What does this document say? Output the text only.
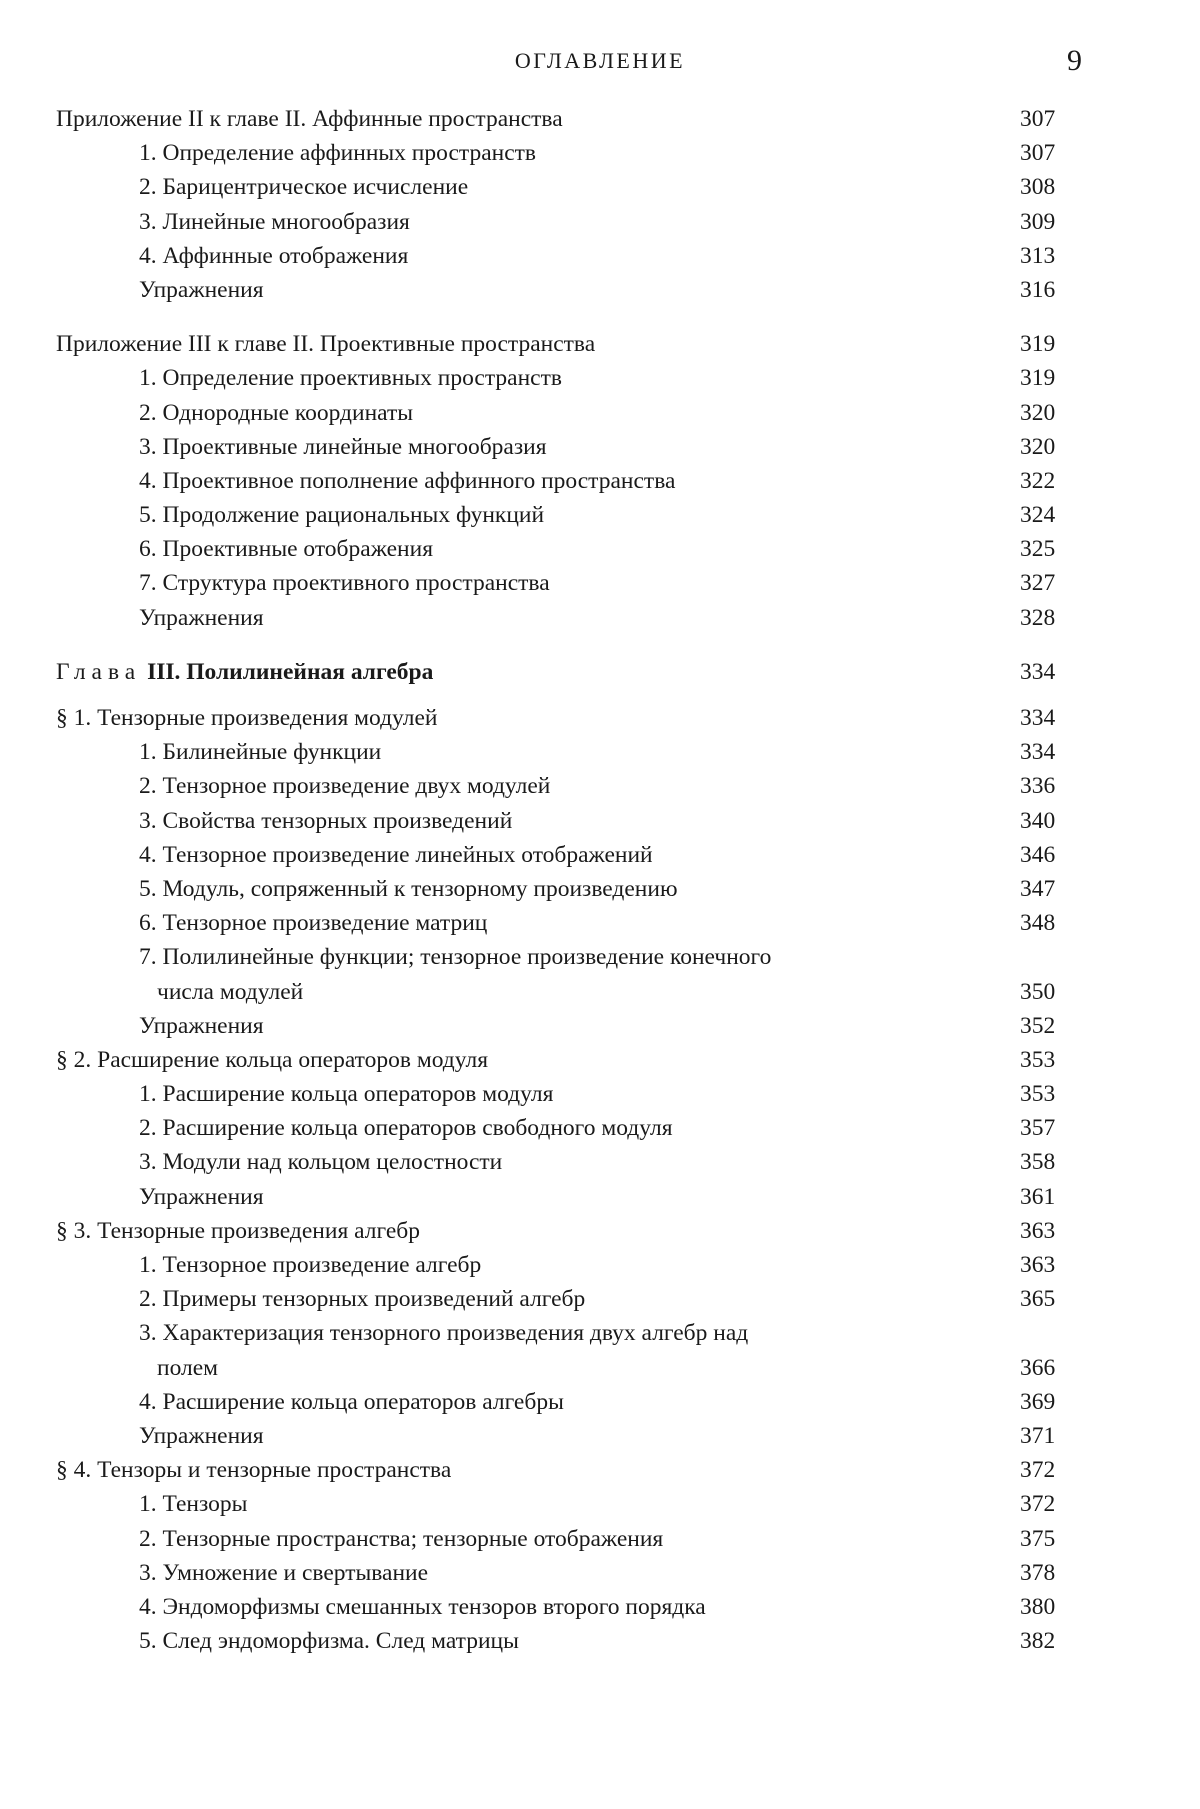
ОГЛАВЛЕНИЕ	9
Приложение II к главе II. Аффинные пространства	307
1. Определение аффинных пространств	307
2. Барицентрическое исчисление	308
3. Линейные многообразия	309
4. Аффинные отображения	313
Упражнения	316
Приложение III к главе II. Проективные пространства	319
1. Определение проективных пространств	319
2. Однородные координаты	320
3. Проективные линейные многообразия	320
4. Проективное пополнение аффинного пространства	322
5. Продолжение рациональных функций	324
6. Проективные отображения	325
7. Структура проективного пространства	327
Упражнения	328
Глава III. Полилинейная алгебра	334
§ 1. Тензорные произведения модулей	334
1. Билинейные функции	334
2. Тензорное произведение двух модулей	336
3. Свойства тензорных произведений	340
4. Тензорное произведение линейных отображений	346
5. Модуль, сопряженный к тензорному произведению	347
6. Тензорное произведение матриц	348
7. Полилинейные функции; тензорное произведение конечного
числа модулей	350
Упражнения	352
§ 2. Расширение кольца операторов модуля	353
1. Расширение кольца операторов модуля	353
2. Расширение кольца операторов свободного модуля	357
3. Модули над кольцом целостности	358
Упражнения	361
§ 3. Тензорные произведения алгебр	363
1. Тензорное произведение алгебр	363
2. Примеры тензорных произведений алгебр	365
3. Характеризация тензорного произведения двух алгебр над
полем	366
4. Расширение кольца операторов алгебры	369
Упражнения	371
§ 4. Тензоры и тензорные пространства	372
1. Тензоры	372
2. Тензорные пространства; тензорные отображения	375
3. Умножение и свертывание	378
4. Эндоморфизмы смешанных тензоров второго порядка	380
5. След эндоморфизма. След матрицы	382
